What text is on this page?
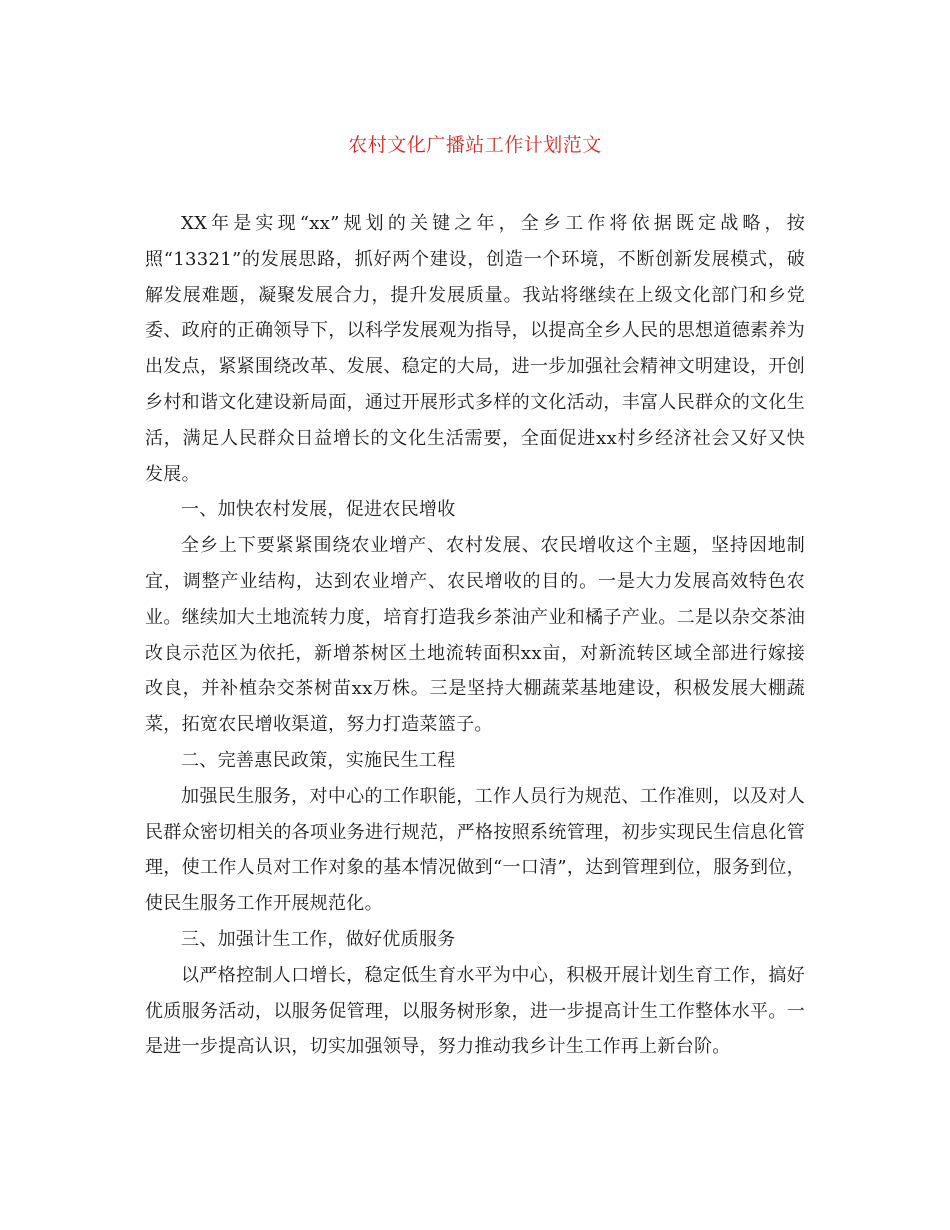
农村文化广播站工作计划范文

XX年是实现“xx”规划的关键之年，全乡工作将依据既定战略，按照“13321”的发展思路，抓好两个建设，创造一个环境，不断创新发展模式，破解发展难题，凝聚发展合力，提升发展质量。我站将继续在上级文化部门和乡党委、政府的正确领导下，以科学发展观为指导，以提高全乡人民的思想道德素养为出发点，紧紧围绕改革、发展、稳定的大局，进一步加强社会精神文明建设，开创乡村和谐文化建设新局面，通过开展形式多样的文化活动，丰富人民群众的文化生活，满足人民群众日益增长的文化生活需要，全面促进xx村乡经济社会又好又快发展。

一、加快农村发展，促进农民增收

全乡上下要紧紧围绕农业增产、农村发展、农民增收这个主题，坚持因地制宜，调整产业结构，达到农业增产、农民增收的目的。一是大力发展高效特色农业。继续加大土地流转力度，培育打造我乡茶油产业和橘子产业。二是以杂交茶油改良示范区为依托，新增茶树区土地流转面积xx亩，对新流转区域全部进行嫁接改良，并补植杂交茶树苗xx万株。三是坚持大棚蔬菜基地建设，积极发展大棚蔬菜，拓宽农民增收渠道，努力打造菜篮子。

二、完善惠民政策，实施民生工程

加强民生服务，对中心的工作职能，工作人员行为规范、工作准则，以及对人民群众密切相关的各项业务进行规范，严格按照系统管理，初步实现民生信息化管理，使工作人员对工作对象的基本情况做到“一口清”，达到管理到位，服务到位，使民生服务工作开展规范化。

三、加强计生工作，做好优质服务

以严格控制人口增长，稳定低生育水平为中心，积极开展计划生育工作，搞好优质服务活动，以服务促管理，以服务树形象，进一步提高计生工作整体水平。一是进一步提高认识，切实加强领导，努力推动我乡计生工作再上新台阶。
